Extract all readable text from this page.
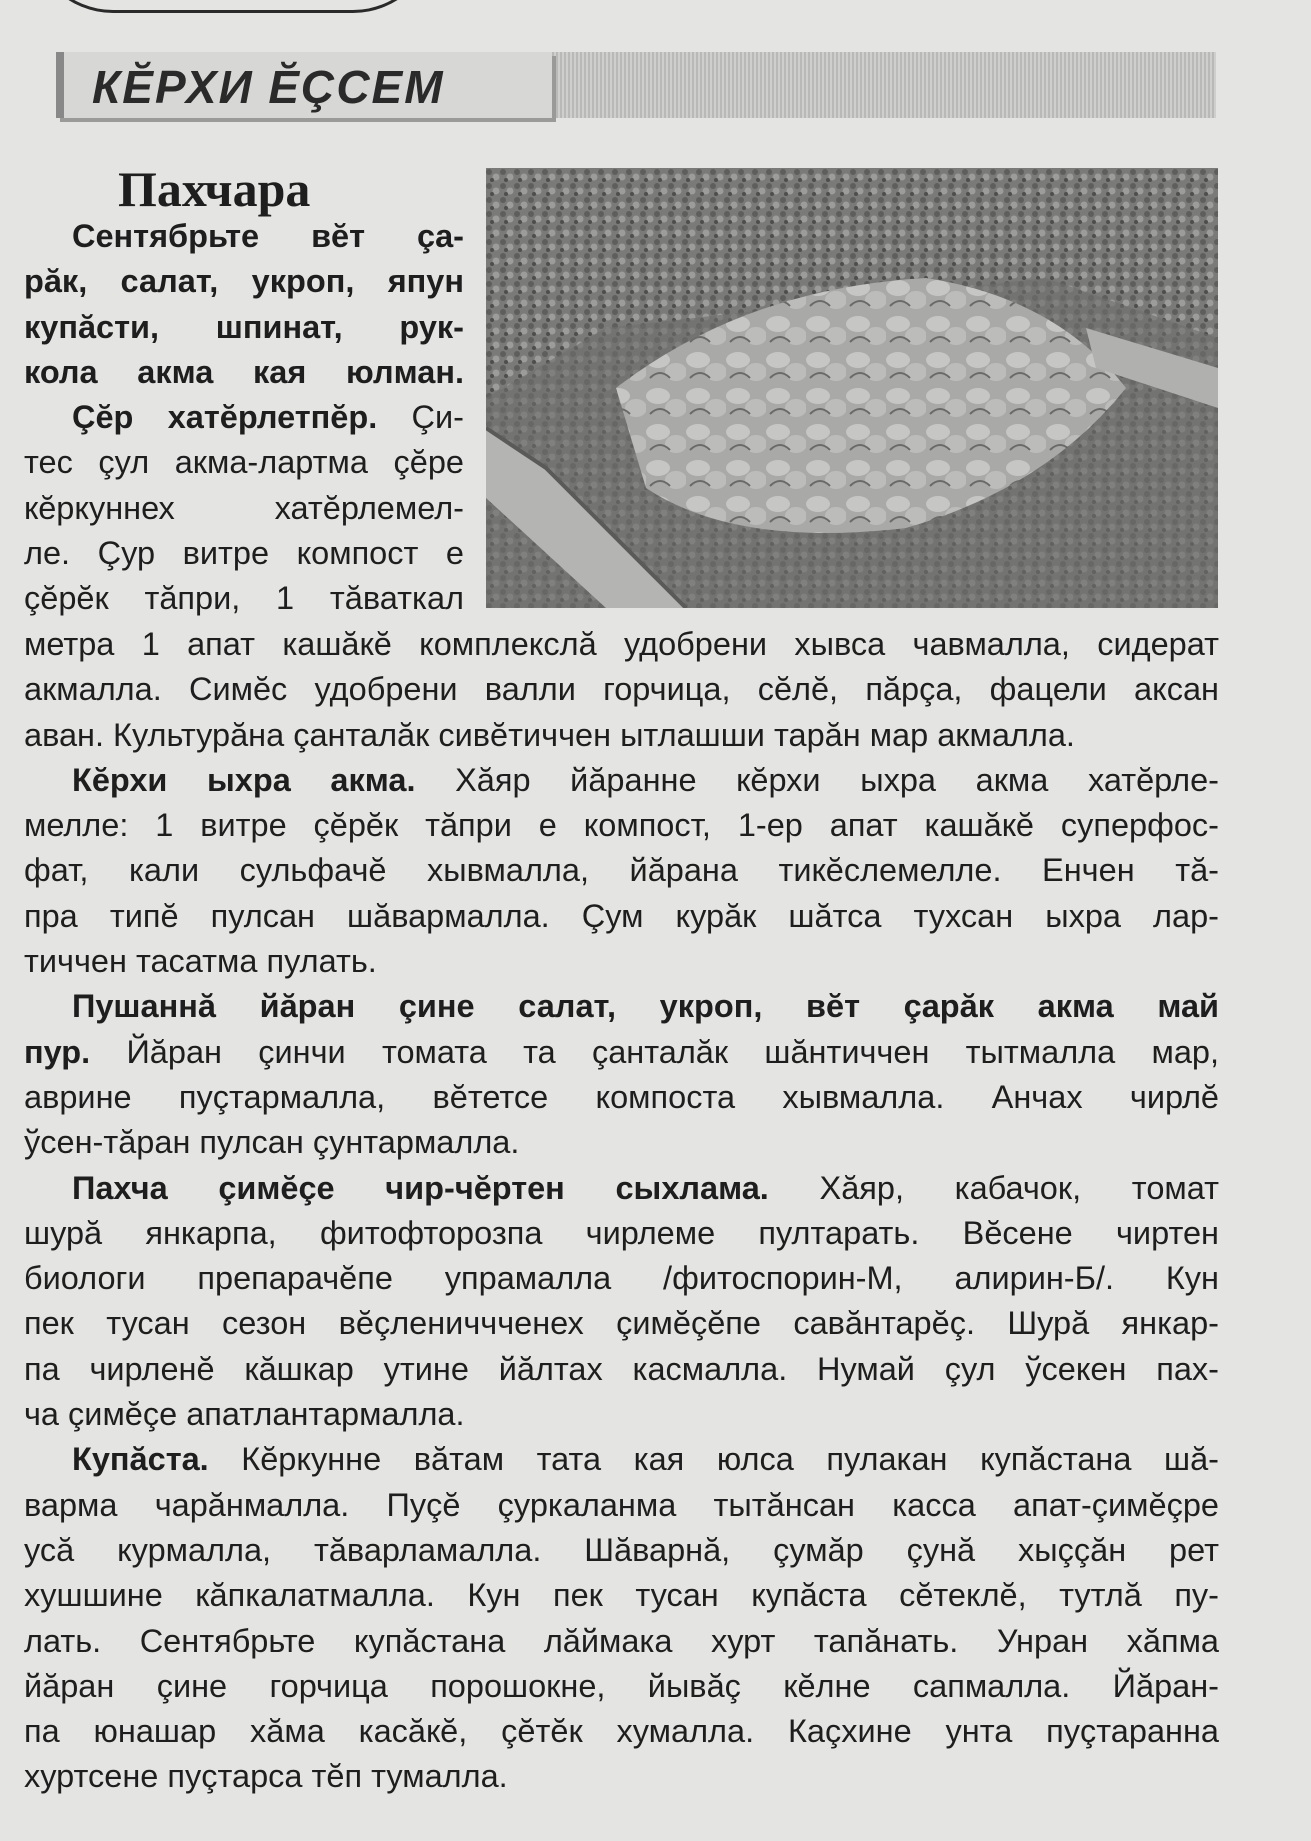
КĔРХИ ĔÇСЕМ
Пахчара

Сентябрьте вĕт ça-

рăк, салат, укроп, япун

купăсти, шпинат, рук-

кола акма кая юлман.

Çĕр хатĕрлетпĕр. Çи-

тес çул акма-лартма çĕре

кĕркуннех хатĕрлемел-

ле. Çур витре компост е

çĕрĕк тăпри, 1 тăваткал

метра 1 апат кашăкĕ комплекслă удобрени хывса чавмалла, сидерат

акмалла. Симĕс удобрени валли горчица, сĕлĕ, пăрçа, фацели аксан

аван. Культурăна çанталăк сивĕтиччен ытлашши тарăн мар акмалла.

Кĕрхи ыхра акма. Хăяр йăранне кĕрхи ыхра акма хатĕрле-

мелле: 1 витре çĕрĕк тăпри е компост, 1-ер апат кашăкĕ суперфос-

фат, кали сульфачĕ хывмалла, йăрана тикĕслемелле. Енчен тă-

пра типĕ пулсан шăвармалла. Çум курăк шăтса тухсан ыхра лар-

тиччен тасатма пулать.

Пушаннă йăран çине салат, укроп, вĕт çарăк акма май

пур. Йăран çинчи томата та çанталăк шăнтиччен тытмалла мар,

аврине пуçтармалла, вĕтетсе компоста хывмалла. Анчах чирлĕ

ўсен-тăран пулсан çунтармалла.

Пахча çимĕçе чир-чĕртен сыхлама. Хăяр, кабачок, томат

шурă янкарпа, фитофторозпа чирлеме пултарать. Вĕсене чиртен

биологи препарачĕпе упрамалла /фитоспорин-М, алирин-Б/. Кун

пек тусан сезон вĕçлениччченех çимĕçĕпе савăнтарĕç. Шурă янкар-

па чирленĕ кăшкар утине йăлтах касмалла. Нумай çул ўсекен пах-

ча çимĕçе апатлантармалла.

Купăста. Кĕркунне вăтам тата кая юлса пулакан купăстана шă-

варма чарăнмалла. Пуçĕ çуркаланма тытăнсан касса апат-çимĕçре

усă курмалла, тăварламалла. Шăварнă, çумăр çунă хыççăн рет

хушшине кăпкалатмалла. Кун пек тусан купăста сĕтеклĕ, тутлă пу-

лать. Сентябрьте купăстана лăймака хурт тапăнать. Унран хăпма

йăран çине горчица порошокне, йывăç кĕлне сапмалла. Йăран-

па юнашар хăма касăкĕ, çĕтĕк хумалла. Каçхине унта пуçтаранна

хуртсене пуçтарса тĕп тумалла.
